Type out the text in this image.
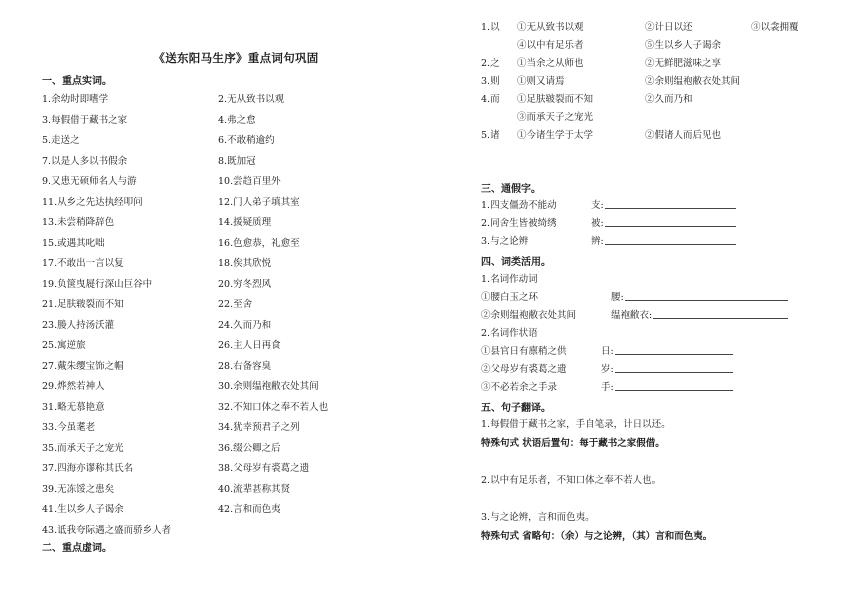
《送东阳马生序》重点词句巩固
一、重点实词。
1.余幼时即嗜学	2.无从致书以观
3.每假借于藏书之家	4.弗之怠
5.走送之	6.不敢稍逾约
7.以是人多以书假余	8.既加冠
9.又患无硕师名人与游	10.尝趋百里外
11.从乡之先达执经叩问	12.门人弟子填其室
13.未尝稍降辞色	14.援疑质理
15.或遇其叱咄	16.色愈恭，礼愈至
17.不敢出一言以复	18.俟其欣悦
19.负箧曳屣行深山巨谷中	20.穷冬烈风
21.足肤皲裂而不知	22.至舍
23.媵人持汤沃灌	24.久而乃和
25.寓逆旅	26.主人日再食
27.戴朱缨宝饰之帽	28.右备容臭
29.烨然若神人	30.余则缊袍敝衣处其间
31.略无慕艳意	32.不知口体之奉不若人也
33.今虽耄老	34.犹幸预君子之列
35.而承天子之宠光	36.缀公卿之后
37.四海亦谬称其氏名	38.父母岁有裘葛之遗
39.无冻馁之患矣	40.流辈甚称其贤
41.生以乡人子谒余	42.言和而色夷
43.诋我夸际遇之盛而骄乡人者
二、重点虚词。
1.以 ①无从致书以观	②计日以还	③以衾拥覆
④以中有足乐者	⑤生以乡人子谒余
2.之 ①当余之从师也	②无鲜肥滋味之享
3.则 ①则又请焉	②余则缊袍敝衣处其间
4.而 ①足肤皲裂而不知	②久而乃和
③而承天子之宠光
5.诸 ①今诸生学于太学	②假诸人而后见也
三、通假字。
1.四支僵劲不能动	支:
2.同舍生皆被绮绣	被:
3.与之论辨	辨:
四、词类活用。
1.名词作动词
①腰白玉之环	腰:
②余则缊袍敝衣处其间	缊袍敝衣:
2.名词作状语
①县官日有廪稍之供	日:
②父母岁有裘葛之遗	岁:
③不必若余之手录	手:
五、句子翻译。
1.每假借于藏书之家，手自笔录，计日以还。
特殊句式 状语后置句：每于藏书之家假借。
2.以中有足乐者，不知口体之奉不若人也。
3.与之论辨，言和而色夷。
特殊句式 省略句：（余）与之论辨，（其）言和而色夷。
